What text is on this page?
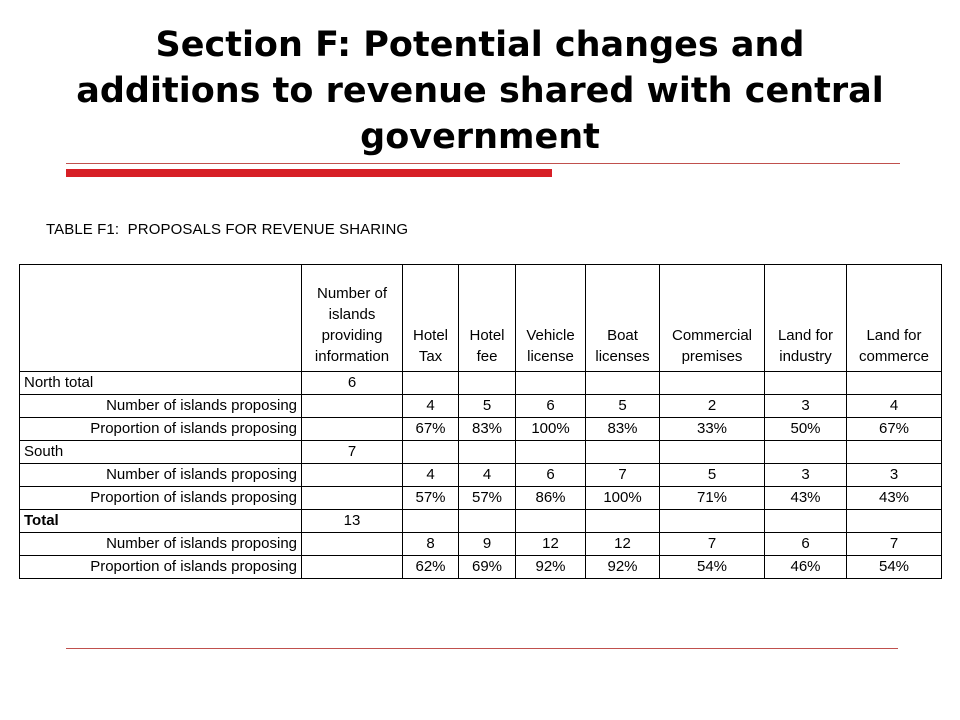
Section F: Potential changes and additions to revenue shared with central government
TABLE F1:  PROPOSALS FOR REVENUE SHARING
	Number of islands providing information	Hotel Tax	Hotel fee	Vehicle license	Boat licenses	Commercial premises	Land for industry	Land for commerce
North total	6							
Number of islands proposing		4	5	6	5	2	3	4
Proportion of islands proposing		67%	83%	100%	83%	33%	50%	67%
South	7							
Number of islands proposing		4	4	6	7	5	3	3
Proportion of islands proposing		57%	57%	86%	100%	71%	43%	43%
Total	13							
Number of islands proposing		8	9	12	12	7	6	7
Proportion of islands proposing		62%	69%	92%	92%	54%	46%	54%
